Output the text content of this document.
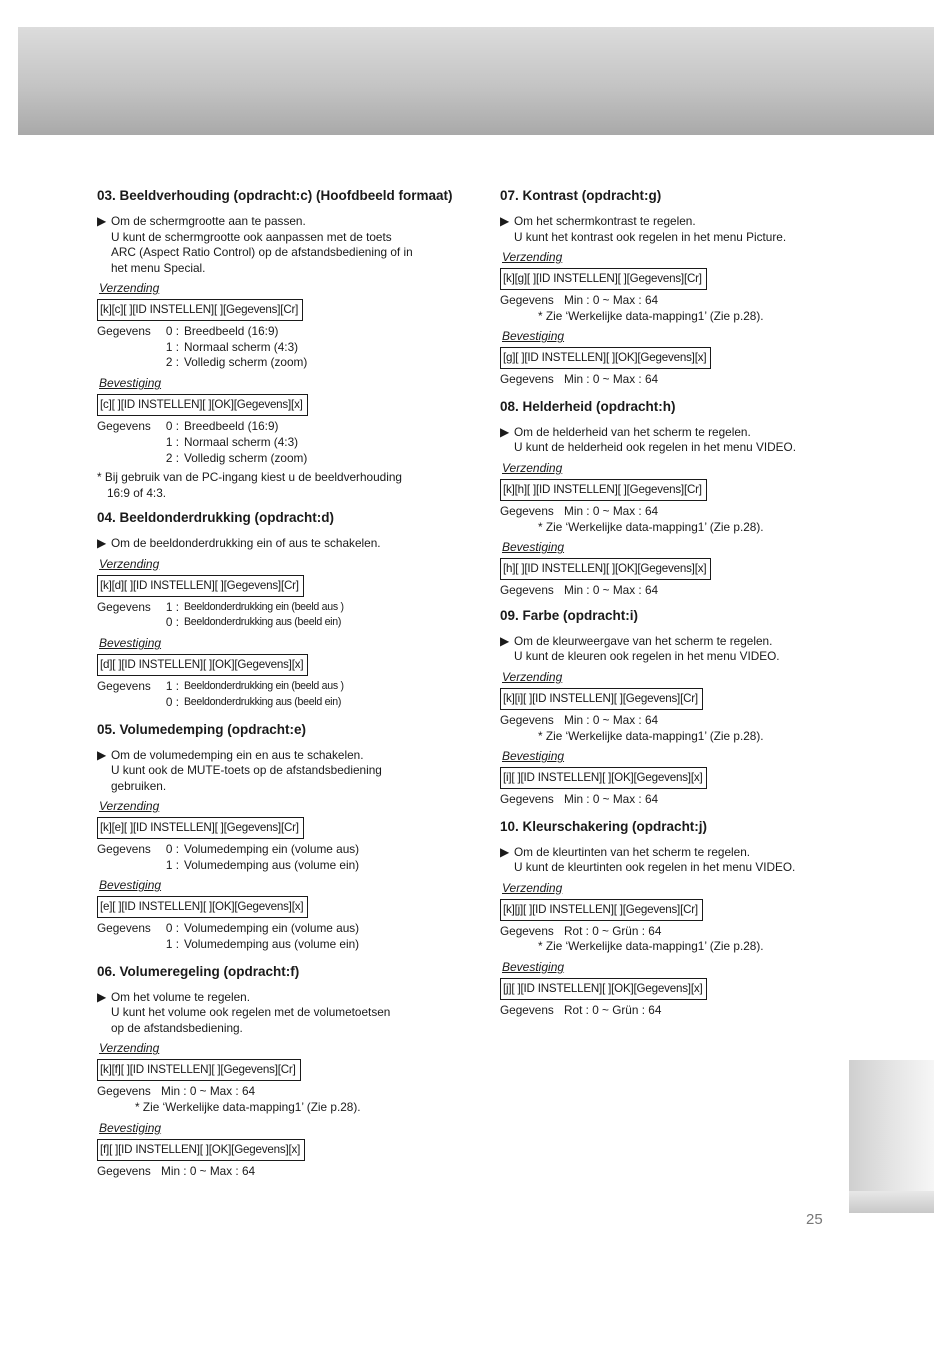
03. Beeldverhouding (opdracht:c) (Hoofdbeeld formaat)
▶ Om de schermgrootte aan te passen.
U kunt de schermgrootte ook aanpassen met de toets
ARC (Aspect Ratio Control) op de afstandsbediening of in
het menu Special.
Verzending
[k][c][ ][ID INSTELLEN][ ][Gegevens][Cr]
Gegevens	0 : Breedbeeld (16:9)
1 : Normaal scherm (4:3)
2 : Volledig scherm (zoom)
Bevestiging
[c][ ][ID INSTELLEN][ ][OK][Gegevens][x]
Gegevens	0 : Breedbeeld (16:9)
1 : Normaal scherm (4:3)
2 : Volledig scherm (zoom)
* Bij gebruik van de PC-ingang kiest u de beeldverhouding
16:9 of 4:3.
04. Beeldonderdrukking (opdracht:d)
▶ Om de beeldonderdrukking ein of aus te schakelen.
Verzending
[k][d][ ][ID INSTELLEN][ ][Gegevens][Cr]
Gegevens	1 : Beeldonderdrukking ein (beeld aus )
0 : Beeldonderdrukking aus (beeld ein)
Bevestiging
[d][ ][ID INSTELLEN][ ][OK][Gegevens][x]
Gegevens	1 : Beeldonderdrukking ein (beeld aus )
0 : Beeldonderdrukking aus (beeld ein)
05. Volumedemping (opdracht:e)
▶ Om de volumedemping ein en aus te schakelen.
U kunt ook de MUTE-toets op de afstandsbediening
gebruiken.
Verzending
[k][e][ ][ID INSTELLEN][ ][Gegevens][Cr]
Gegevens	0 : Volumedemping ein (volume aus)
1 : Volumedemping aus (volume ein)
Bevestiging
[e][ ][ID INSTELLEN][ ][OK][Gegevens][x]
Gegevens	0 : Volumedemping ein (volume aus)
1 : Volumedemping aus (volume ein)
06. Volumeregeling (opdracht:f)
▶ Om het volume te regelen.
U kunt het volume ook regelen met de volumetoetsen
op de afstandsbediening.
Verzending
[k][f][ ][ID INSTELLEN][ ][Gegevens][Cr]
Gegevens Min : 0 ~ Max : 64
* Zie ‘Werkelijke data-mapping1’ (Zie p.28).
Bevestiging
[f][ ][ID INSTELLEN][ ][OK][Gegevens][x]
Gegevens Min : 0 ~ Max : 64
07. Kontrast (opdracht:g)
▶ Om het schermkontrast te regelen.
U kunt het kontrast ook regelen in het menu Picture.
Verzending
[k][g][ ][ID INSTELLEN][ ][Gegevens][Cr]
Gegevens Min : 0 ~ Max : 64
* Zie ‘Werkelijke data-mapping1’ (Zie p.28).
Bevestiging
[g][ ][ID INSTELLEN][ ][OK][Gegevens][x]
Gegevens Min : 0 ~ Max : 64
08. Helderheid (opdracht:h)
▶ Om de helderheid van het scherm te regelen.
U kunt de helderheid ook regelen in het menu VIDEO.
Verzending
[k][h][ ][ID INSTELLEN][ ][Gegevens][Cr]
Gegevens Min : 0 ~ Max : 64
* Zie ‘Werkelijke data-mapping1’ (Zie p.28).
Bevestiging
[h][ ][ID INSTELLEN][ ][OK][Gegevens][x]
Gegevens Min : 0 ~ Max : 64
09. Farbe (opdracht:i)
▶ Om de kleurweergave van het scherm te regelen.
U kunt de kleuren ook regelen in het menu VIDEO.
Verzending
[k][i][ ][ID INSTELLEN][ ][Gegevens][Cr]
Gegevens Min : 0 ~ Max : 64
* Zie ‘Werkelijke data-mapping1’ (Zie p.28).
Bevestiging
[i][ ][ID INSTELLEN][ ][OK][Gegevens][x]
Gegevens Min : 0 ~ Max : 64
10. Kleurschakering (opdracht:j)
▶ Om de kleurtinten van het scherm te regelen.
U kunt de kleurtinten ook regelen in het menu VIDEO.
Verzending
[k][j][ ][ID INSTELLEN][ ][Gegevens][Cr]
Gegevens Rot : 0 ~ Grün : 64
* Zie ‘Werkelijke data-mapping1’ (Zie p.28).
Bevestiging
[j][ ][ID INSTELLEN][ ][OK][Gegevens][x]
Gegevens Rot : 0 ~ Grün : 64
25
